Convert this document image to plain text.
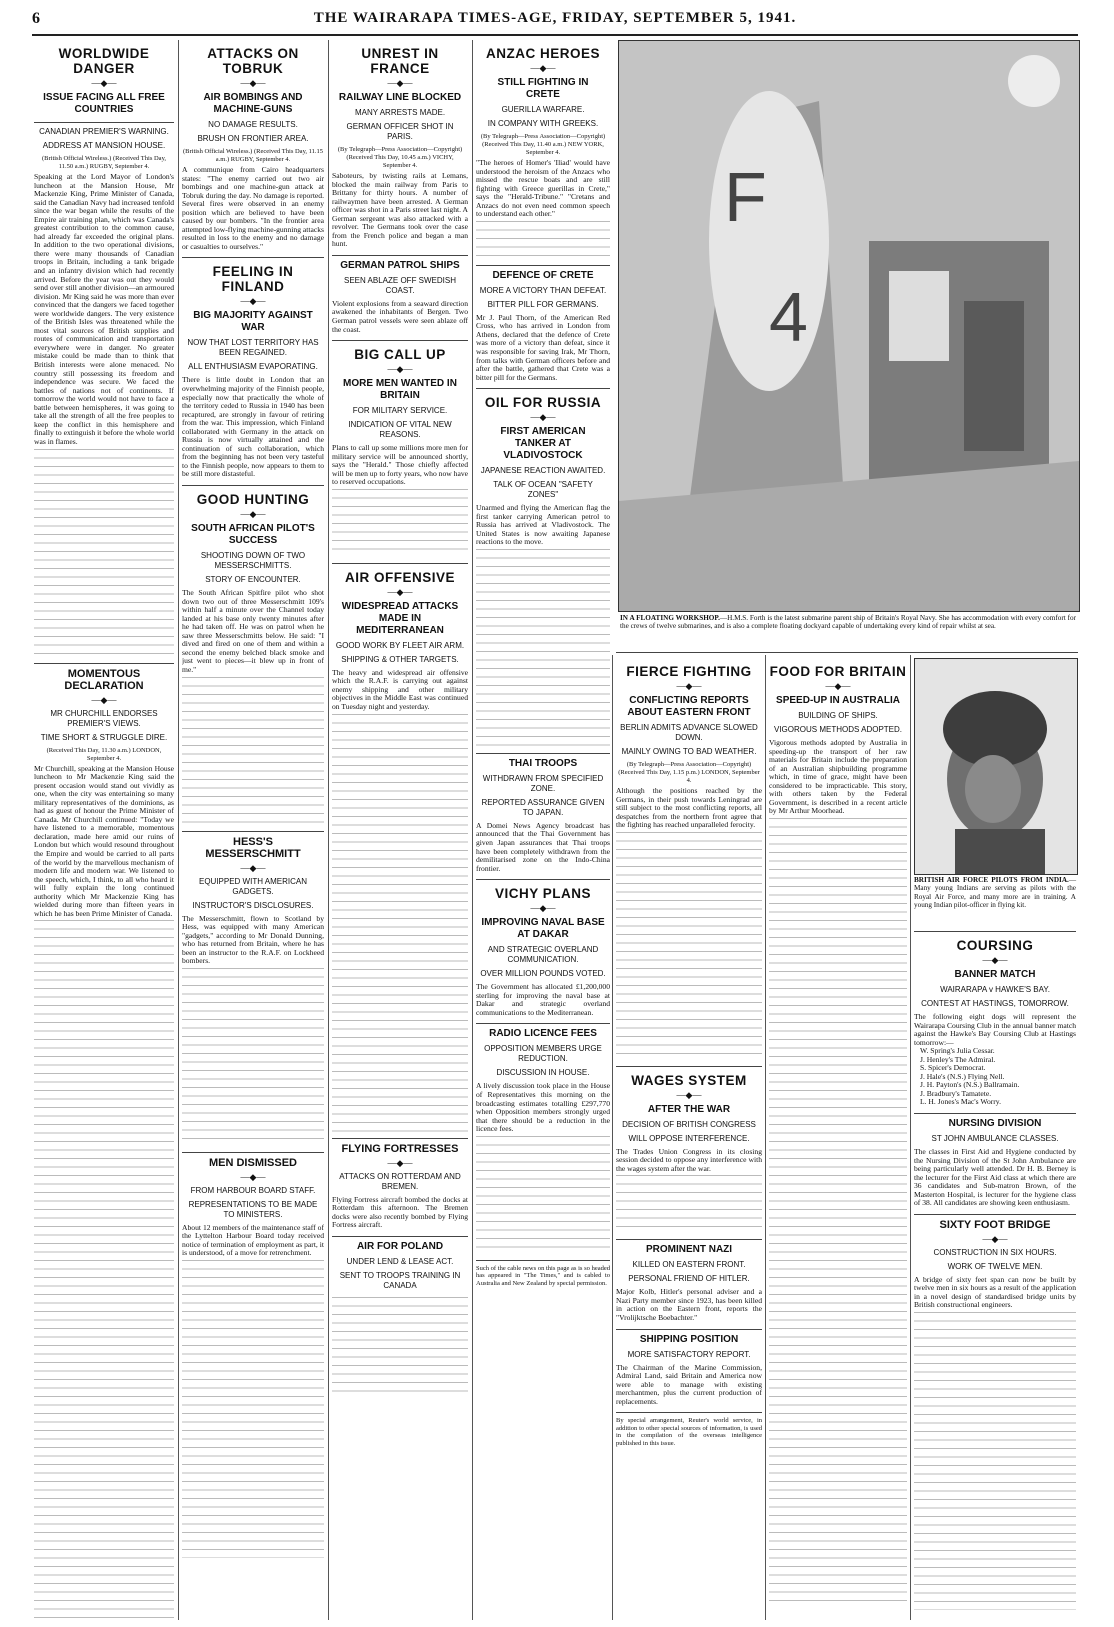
6	THE WAIRARAPA TIMES-AGE, FRIDAY, SEPTEMBER 5, 1941.
WORLDWIDE DANGER
—◆—
ISSUE FACING ALL FREE COUNTRIES
CANADIAN PREMIER'S WARNING.
ADDRESS AT MANSION HOUSE.
(British Official Wireless.) (Received This Day, 11.50 a.m.) RUGBY, September 4.

Speaking at the Lord Mayor of London's luncheon at the Mansion House, Mr Mackenzie King, Prime Minister of Canada, said the Canadian Navy had increased tenfold since the war began while the results of the Empire air training plan, which was Canada's greatest contribution to the common cause, had already far exceeded the original plans. In addition to the two operational divisions, there were many thousands of Canadian troops in Britain, including a tank brigade and an infantry division which had recently arrived. Before the year was out they would send over still another division—an armoured division. Mr King said he was more than ever convinced that the dangers we faced together were worldwide dangers. The very existence of the British Isles was threatened while the most vital sources of British supplies and routes of communication and transportation everywhere were in danger. No greater mistake could be made than to think that British interests were alone menaced. No country still possessing its freedom and independence was secure. We faced the battles of nations not of continents. If tomorrow the world would not have to face a battle between hemispheres, it was going to take all the strength of all the free peoples to keep the conflict in this hemisphere and finally to extinguish it before the whole world was in flames.

MOMENTOUS DECLARATION
—◆—
MR CHURCHILL ENDORSES PREMIER'S VIEWS.
TIME SHORT & STRUGGLE DIRE.
(Received This Day, 11.30 a.m.) LONDON, September 4.

Mr Churchill, speaking at the Mansion House luncheon to Mr Mackenzie King said the present occasion would stand out vividly as one, when the city was entertaining so many military representatives of the dominions, as had as guest of honour the Prime Minister of Canada. Mr Churchill continued: "Today we have listened to a memorable, momentous declaration, made here amid our ruins of London but which would resound throughout the Empire and would be carried to all parts of the world by the marvellous mechanism of modern life and modern war. We listened to the speech, which, I think, to all who heard it will fully explain the long continued authority which Mr Mackenzie King has wielded during more than fifteen years in which he has been Prime Minister of Canada.

ATTACKS ON TOBRUK
—◆—
AIR BOMBINGS AND MACHINE-GUNS
NO DAMAGE RESULTS.
BRUSH ON FRONTIER AREA.
(British Official Wireless.) (Received This Day, 11.15 a.m.) RUGBY, September 4.

A communique from Cairo headquarters states: "The enemy carried out two air bombings and one machine-gun attack at Tobruk during the day. No damage is reported. Several fires were observed in an enemy position which are believed to have been caused by our bombers. "In the frontier area attempted low-flying machine-gunning attacks resulted in loss to the enemy and no damage or casualties to ourselves."

FEELING IN FINLAND
—◆—
BIG MAJORITY AGAINST WAR
NOW THAT LOST TERRITORY HAS BEEN REGAINED.
ALL ENTHUSIASM EVAPORATING.

There is little doubt in London that an overwhelming majority of the Finnish people, especially now that practically the whole of the territory ceded to Russia in 1940 has been recaptured, are strongly in favour of retiring from the war. This impression, which Finland collaborated with Germany in the attack on Russia is now virtually attained and the continuation of such collaboration, which from the beginning has not been very tasteful to the Finnish people, now appears to them to be still more distasteful.

GOOD HUNTING
—◆—
SOUTH AFRICAN PILOT'S SUCCESS
SHOOTING DOWN OF TWO MESSERSCHMITTS.
STORY OF ENCOUNTER.

The South African Spitfire pilot who shot down two out of three Messerschmitt 109's within half a minute over the Channel today landed at his base only twenty minutes after he had taken off. He was on patrol when he saw three Messerschmitts below. He said: "I dived and fired on one of them and within a second the enemy belched black smoke and just went to pieces—it blew up in front of me."

HESS'S MESSERSCHMITT
—◆—
EQUIPPED WITH AMERICAN GADGETS.
INSTRUCTOR'S DISCLOSURES.

The Messerschmitt, flown to Scotland by Hess, was equipped with many American "gadgets," according to Mr Donald Dunning, who has returned from Britain, where he has been an instructor to the R.A.F. on Lockheed bombers.

MEN DISMISSED
—◆—
FROM HARBOUR BOARD STAFF.
REPRESENTATIONS TO BE MADE TO MINISTERS.

About 12 members of the maintenance staff of the Lyttelton Harbour Board today received notice of termination of employment as part, it is understood, of a move for retrenchment.

UNREST IN FRANCE
—◆—
RAILWAY LINE BLOCKED
MANY ARRESTS MADE.
GERMAN OFFICER SHOT IN PARIS.
(By Telegraph—Press Association—Copyright) (Received This Day, 10.45 a.m.) VICHY, September 4.

Saboteurs, by twisting rails at Lemans, blocked the main railway from Paris to Brittany for thirty hours. A number of railwaymen have been arrested. A German officer was shot in a Paris street last night. A German sergeant was also attacked with a revolver. The Germans took over the case from the French police and began a man hunt.

GERMAN PATROL SHIPS
SEEN ABLAZE OFF SWEDISH COAST.

Violent explosions from a seaward direction awakened the inhabitants of Bergen. Two German patrol vessels were seen ablaze off the coast.

BIG CALL UP
—◆—
MORE MEN WANTED IN BRITAIN
FOR MILITARY SERVICE.
INDICATION OF VITAL NEW REASONS.

Plans to call up some millions more men for military service will be announced shortly, says the "Herald." Those chiefly affected will be men up to forty years, who now have to reserved occupations.

AIR OFFENSIVE
—◆—
WIDESPREAD ATTACKS MADE IN MEDITERRANEAN
GOOD WORK BY FLEET AIR ARM.
SHIPPING & OTHER TARGETS.

The heavy and widespread air offensive which the R.A.F. is carrying out against enemy shipping and other military objectives in the Middle East was continued on Tuesday night and yesterday.

FLYING FORTRESSES
—◆—
ATTACKS ON ROTTERDAM AND BREMEN.

Flying Fortress aircraft bombed the docks at Rotterdam this afternoon. The Bremen docks were also recently bombed by Flying Fortress aircraft.

AIR FOR POLAND
UNDER LEND & LEASE ACT.
SENT TO TROOPS TRAINING IN CANADA
ANZAC HEROES
—◆—
STILL FIGHTING IN CRETE
GUERILLA WARFARE.
IN COMPANY WITH GREEKS.
(By Telegraph—Press Association—Copyright) (Received This Day, 11.40 a.m.) NEW YORK, September 4.

"The heroes of Homer's 'Iliad' would have understood the heroism of the Anzacs who missed the rescue boats and are still fighting with Greece guerillas in Crete," says the "Herald-Tribune." "Cretans and Anzacs do not even need common speech to understand each other."

DEFENCE OF CRETE
MORE A VICTORY THAN DEFEAT.
BITTER PILL FOR GERMANS.

Mr J. Paul Thorn, of the American Red Cross, who has arrived in London from Athens, declared that the defence of Crete was more of a victory than defeat, since it was responsible for saving Irak, Mr Thorn, from talks with German officers before and after the battle, gathered that Crete was a bitter pill for the Germans.

OIL FOR RUSSIA
—◆—
FIRST AMERICAN TANKER AT VLADIVOSTOCK
JAPANESE REACTION AWAITED.
TALK OF OCEAN "SAFETY ZONES"

Unarmed and flying the American flag the first tanker carrying American petrol to Russia has arrived at Vladivostock. The United States is now awaiting Japanese reactions to the move.

THAI TROOPS
WITHDRAWN FROM SPECIFIED ZONE.
REPORTED ASSURANCE GIVEN TO JAPAN.

A Domei News Agency broadcast has announced that the Thai Government has given Japan assurances that Thai troops have been completely withdrawn from the demilitarised zone on the Indo-China frontier.

VICHY PLANS
—◆—
IMPROVING NAVAL BASE AT DAKAR
AND STRATEGIC OVERLAND COMMUNICATION.
OVER MILLION POUNDS VOTED.

The Government has allocated £1,200,000 sterling for improving the naval base at Dakar and strategic overland communications to the Mediterranean.

RADIO LICENCE FEES
OPPOSITION MEMBERS URGE REDUCTION.
DISCUSSION IN HOUSE.

A lively discussion took place in the House of Representatives this morning on the broadcasting estimates totalling £297,770 when Opposition members strongly urged that there should be a reduction in the licence fees.

Such of the cable news on this page as is so headed has appeared in "The Times," and is cabled to Australia and New Zealand by special permission.

F
4
IN A FLOATING WORKSHOP.—H.M.S. Forth is the latest submarine parent ship of Britain's Royal Navy. She has accommodation with every comfort for the crews of twelve submarines, and is also a complete floating dockyard capable of undertaking every kind of repair whilst at sea.
FIERCE FIGHTING
—◆—
CONFLICTING REPORTS ABOUT EASTERN FRONT
BERLIN ADMITS ADVANCE SLOWED DOWN.
MAINLY OWING TO BAD WEATHER.
(By Telegraph—Press Association—Copyright) (Received This Day, 1.15 p.m.) LONDON, September 4.

Although the positions reached by the Germans, in their push towards Leningrad are still subject to the most conflicting reports, all despatches from the northern front agree that the fighting has reached unparalleled ferocity.

WAGES SYSTEM
—◆—
AFTER THE WAR
DECISION OF BRITISH CONGRESS
WILL OPPOSE INTERFERENCE.

The Trades Union Congress in its closing session decided to oppose any interference with the wages system after the war.

PROMINENT NAZI
KILLED ON EASTERN FRONT.
PERSONAL FRIEND OF HITLER.

Major Kolb, Hitler's personal adviser and a Nazi Party member since 1923, has been killed in action on the Eastern front, reports the "Vrolijktsche Boebachter."

SHIPPING POSITION
MORE SATISFACTORY REPORT.

The Chairman of the Marine Commission, Admiral Land, said Britain and America now were able to manage with existing merchantmen, plus the current production of replacements.

By special arrangement, Reuter's world service, in addition to other special sources of information, is used in the compilation of the overseas intelligence published in this issue.

FOOD FOR BRITAIN
—◆—
SPEED-UP IN AUSTRALIA
BUILDING OF SHIPS.
VIGOROUS METHODS ADOPTED.

Vigorous methods adopted by Australia in speeding-up the transport of her raw materials for Britain include the preparation of an Australian shipbuilding programme which, in time of grace, might have been considered to be impracticable. This story, with others taken by the Federal Government, is described in a recent article by Mr Arthur Moorhead.

BRITISH AIR FORCE PILOTS FROM INDIA.—Many young Indians are serving as pilots with the Royal Air Force, and many more are in training. A young Indian pilot-officer in flying kit.
COURSING
—◆—
BANNER MATCH
WAIRARAPA v HAWKE'S BAY.
CONTEST AT HASTINGS, TOMORROW.

The following eight dogs will represent the Wairarapa Coursing Club in the annual banner match against the Hawke's Bay Coursing Club at Hastings tomorrow:—

W. Spring's Julia Cessar.
J. Henley's The Admiral.
S. Spicer's Democrat.
J. Hale's (N.S.) Flying Nell.
J. H. Payton's (N.S.) Ballramain.
J. Bradbury's Tamatete.
L. H. Jones's Mac's Worry.
NURSING DIVISION
ST JOHN AMBULANCE CLASSES.

The classes in First Aid and Hygiene conducted by the Nursing Division of the St John Ambulance are being particularly well attended. Dr H. B. Berney is the lecturer for the First Aid class at which there are 36 candidates and Sub-matron Brown, of the Masterton Hospital, is lecturer for the hygiene class of 38. All candidates are showing keen enthusiasm.

SIXTY FOOT BRIDGE
—◆—
CONSTRUCTION IN SIX HOURS.
WORK OF TWELVE MEN.

A bridge of sixty feet span can now be built by twelve men in six hours as a result of the application in a novel design of standardised bridge units by British constructional engineers.
